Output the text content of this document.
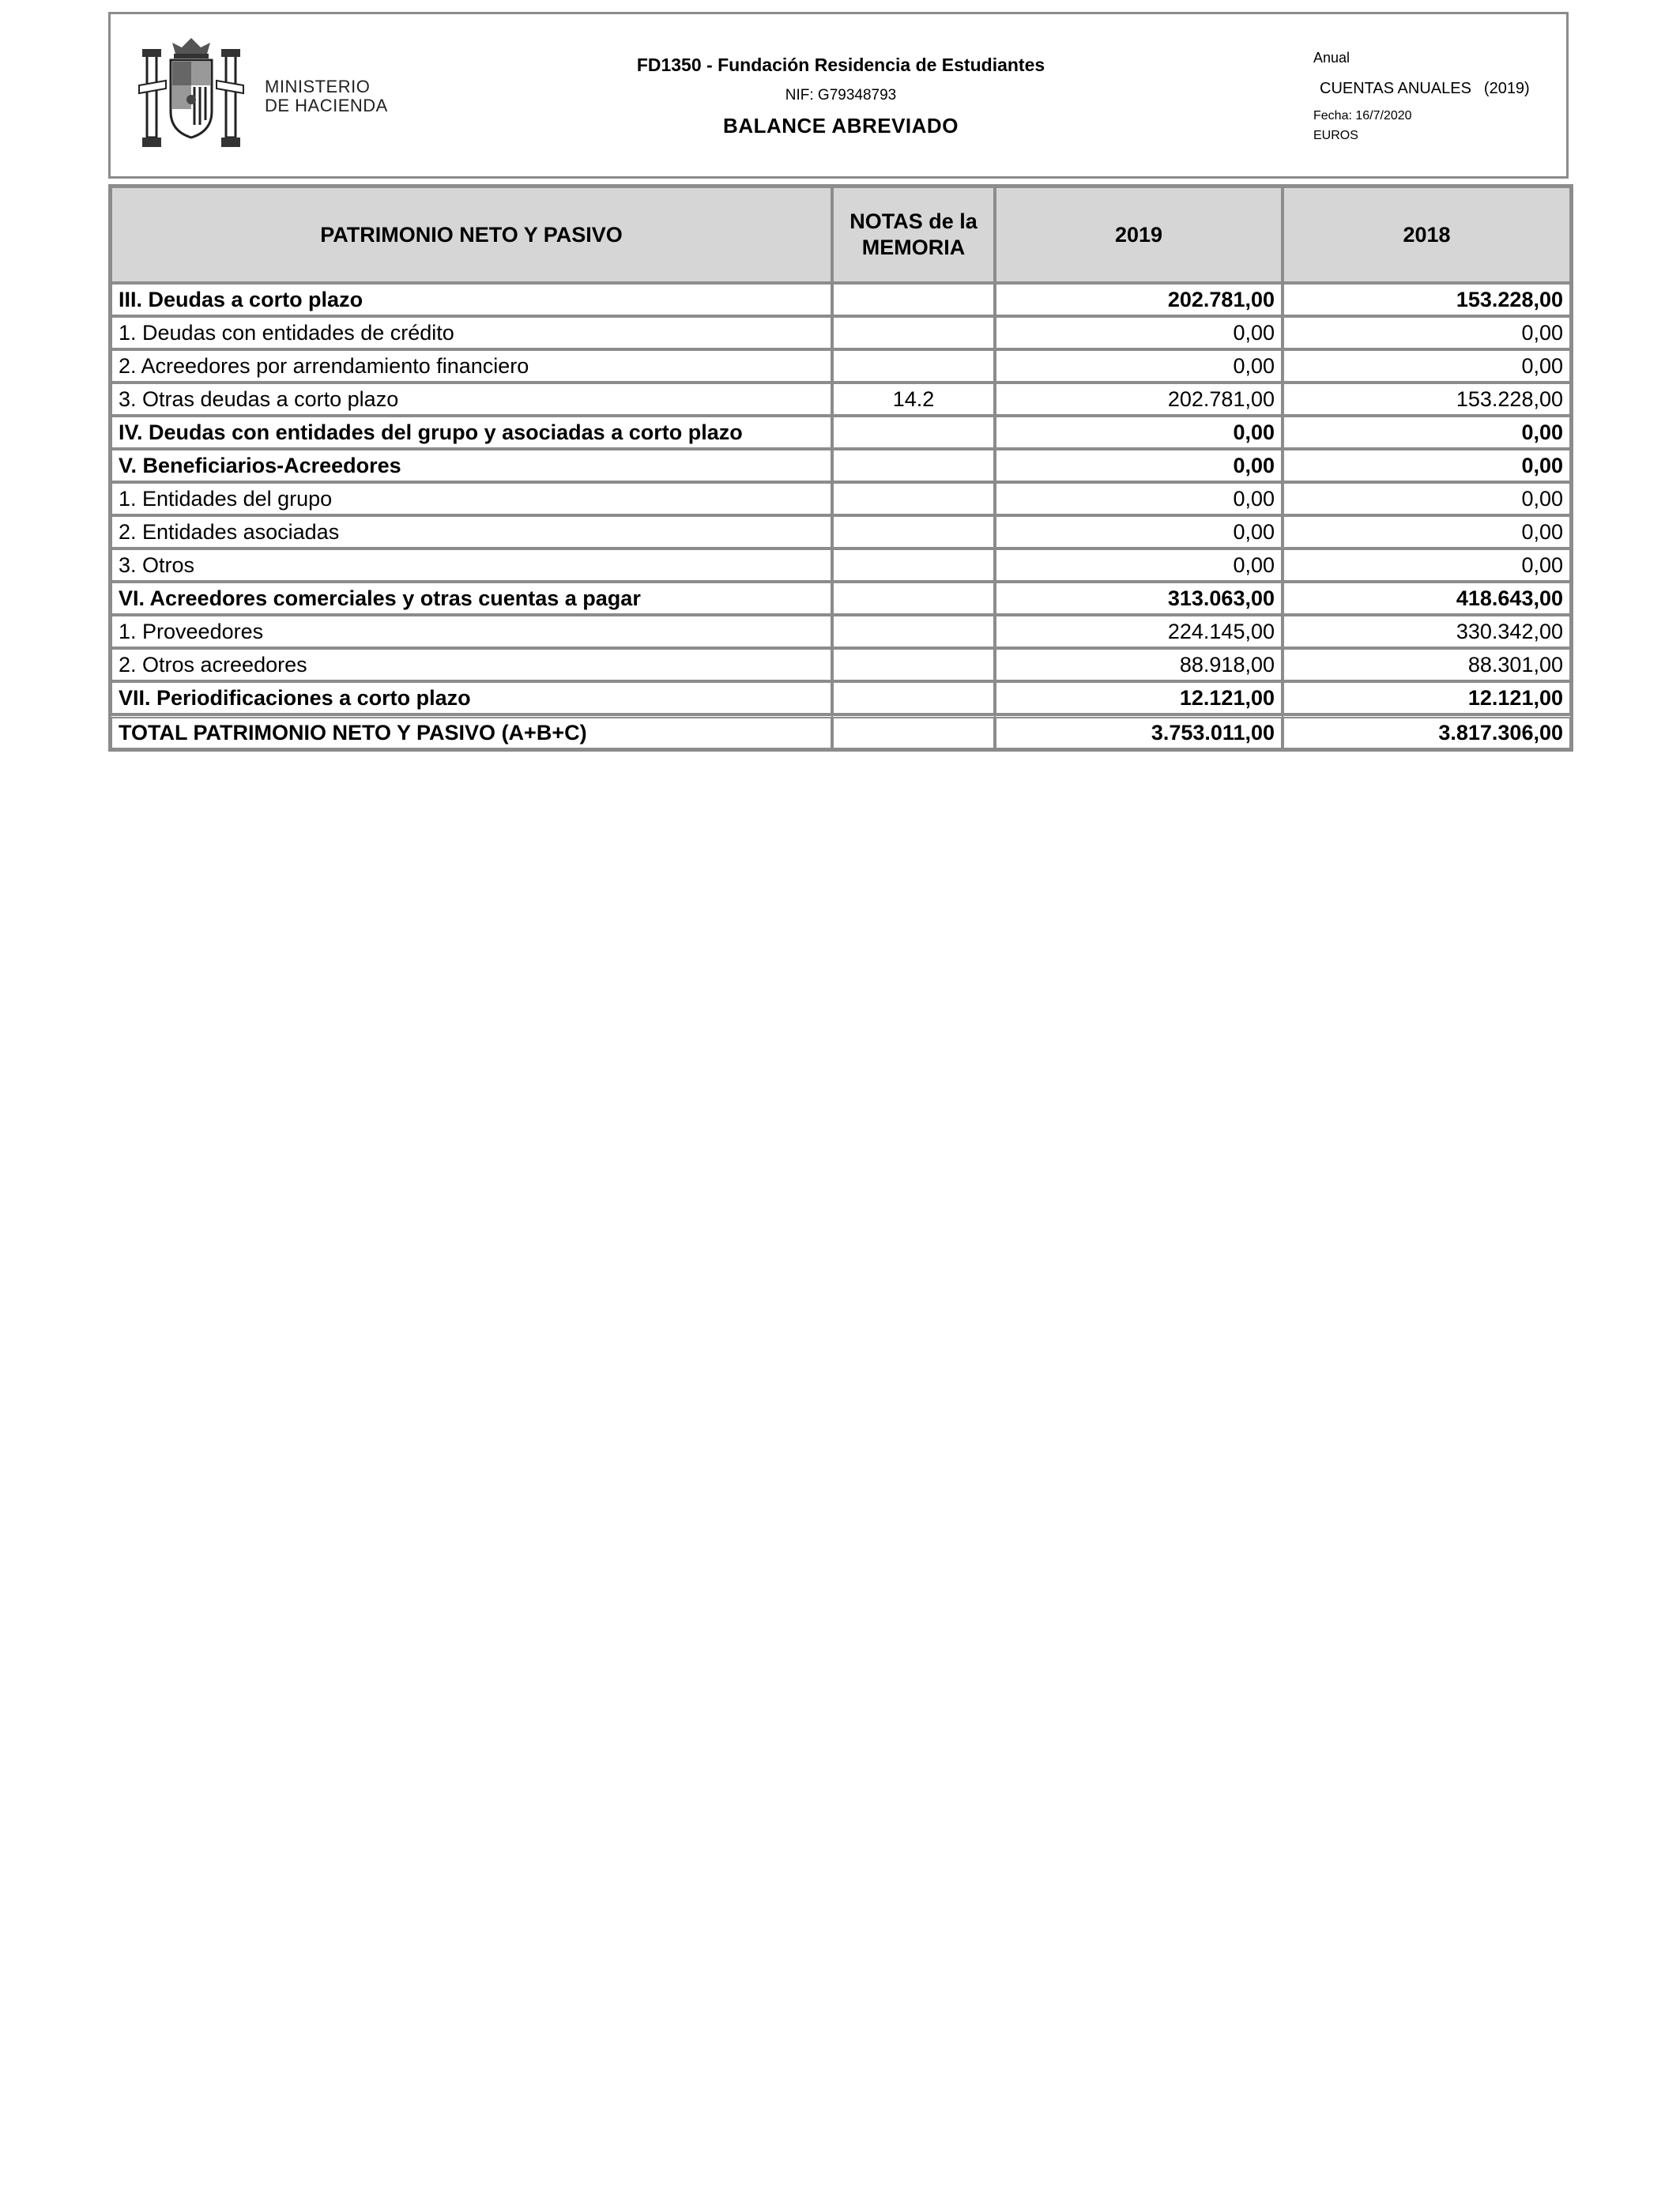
MINISTERIO
DE HACIENDA
FD1350 - Fundación Residencia de Estudiantes
NIF: G79348793
BALANCE ABREVIADO
Anual
CUENTAS ANUALES (2019)
Fecha: 16/7/2020
EUROS
PATRIMONIO NETO Y PASIVO	NOTAS de la MEMORIA	2019	2018
III. Deudas a corto plazo		202.781,00	153.228,00
1. Deudas con entidades de crédito		0,00	0,00
2. Acreedores por arrendamiento financiero		0,00	0,00
3. Otras deudas a corto plazo	14.2	202.781,00	153.228,00
IV. Deudas con entidades del grupo y asociadas a corto plazo		0,00	0,00
V. Beneficiarios-Acreedores		0,00	0,00
1. Entidades del grupo		0,00	0,00
2. Entidades asociadas		0,00	0,00
3. Otros		0,00	0,00
VI. Acreedores comerciales y otras cuentas a pagar		313.063,00	418.643,00
1. Proveedores		224.145,00	330.342,00
2. Otros acreedores		88.918,00	88.301,00
VII. Periodificaciones a corto plazo		12.121,00	12.121,00
TOTAL PATRIMONIO NETO Y PASIVO (A+B+C)		3.753.011,00	3.817.306,00
